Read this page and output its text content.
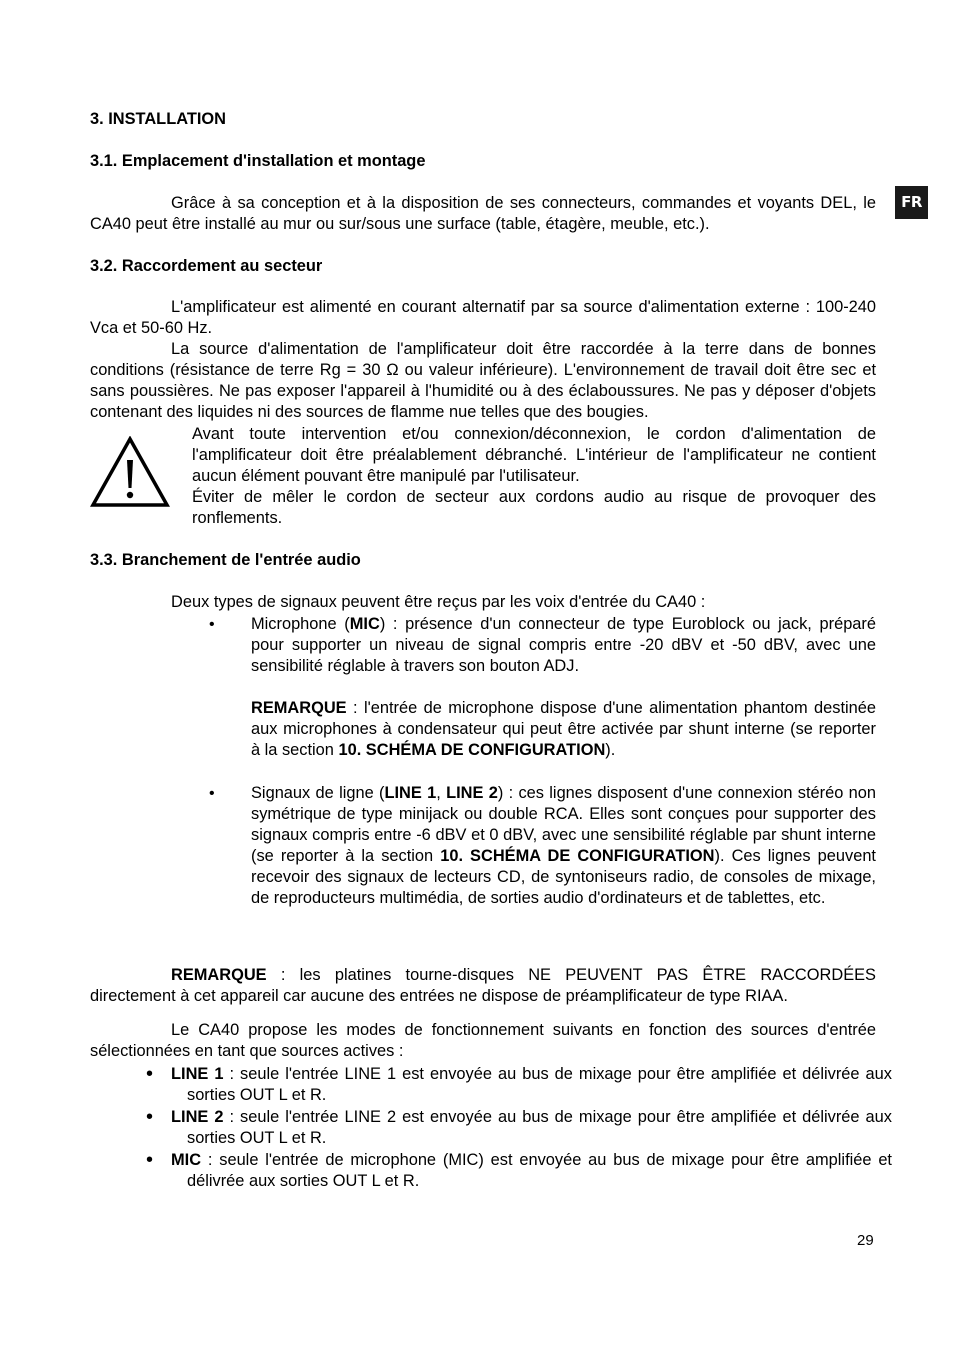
FR
3. INSTALLATION
3.1. Emplacement d'installation et montage

Grâce à sa conception et à la disposition de ses connecteurs, commandes et voyants DEL, le CA40 peut être installé au mur ou sur/sous une surface (table, étagère, meuble, etc.).

3.2. Raccordement au secteur

L'amplificateur est alimenté en courant alternatif par sa source d'alimentation externe : 100-240 Vca et 50-60 Hz.

La source d'alimentation de l'amplificateur doit être raccordée à la terre dans de bonnes conditions (résistance de terre Rg = 30 Ω ou valeur inférieure). L'environnement de travail doit être sec et sans poussières. Ne pas exposer l'appareil à l'humidité ou à des éclaboussures. Ne pas y déposer d'objets contenant des liquides ni des sources de flamme nue telles que des bougies.

Avant toute intervention et/ou connexion/déconnexion, le cordon d'alimentation de l'amplificateur doit être préalablement débranché. L'intérieur de l'amplificateur ne contient aucun élément pouvant être manipulé par l'utilisateur.

Éviter de mêler le cordon de secteur aux cordons audio au risque de provoquer des ronflements.

3.3. Branchement de l'entrée audio
Deux types de signaux peuvent être reçus par les voix d'entrée du CA40 :
• Microphone (MIC) : présence d'un connecteur de type Euroblock ou jack, préparé pour supporter un niveau de signal compris entre -20 dBV et -50 dBV, avec une sensibilité réglable à travers son bouton ADJ.

REMARQUE : l'entrée de microphone dispose d'une alimentation phantom destinée aux microphones à condensateur qui peut être activée par shunt interne (se reporter à la section 10. SCHÉMA DE CONFIGURATION).

• Signaux de ligne (LINE 1, LINE 2) : ces lignes disposent d'une connexion stéréo non symétrique de type minijack ou double RCA. Elles sont conçues pour supporter des signaux compris entre -6 dBV et 0 dBV, avec une sensibilité réglable par shunt interne (se reporter à la section 10. SCHÉMA DE CONFIGURATION). Ces lignes peuvent recevoir des signaux de lecteurs CD, de syntoniseurs radio, de consoles de mixage, de reproducteurs multimédia, de sorties audio d'ordinateurs et de tablettes, etc.

REMARQUE : les platines tourne-disques NE PEUVENT PAS ÊTRE RACCORDÉES directement à cet appareil car aucune des entrées ne dispose de préamplificateur de type RIAA.

Le CA40 propose les modes de fonctionnement suivants en fonction des sources d'entrée sélectionnées en tant que sources actives :

• LINE 1 : seule l'entrée LINE 1 est envoyée au bus de mixage pour être amplifiée et délivrée aux sorties OUT L et R.

• LINE 2 : seule l'entrée LINE 2 est envoyée au bus de mixage pour être amplifiée et délivrée aux sorties OUT L et R.

• MIC : seule l'entrée de microphone (MIC) est envoyée au bus de mixage pour être amplifiée et délivrée aux sorties OUT L et R.

29
